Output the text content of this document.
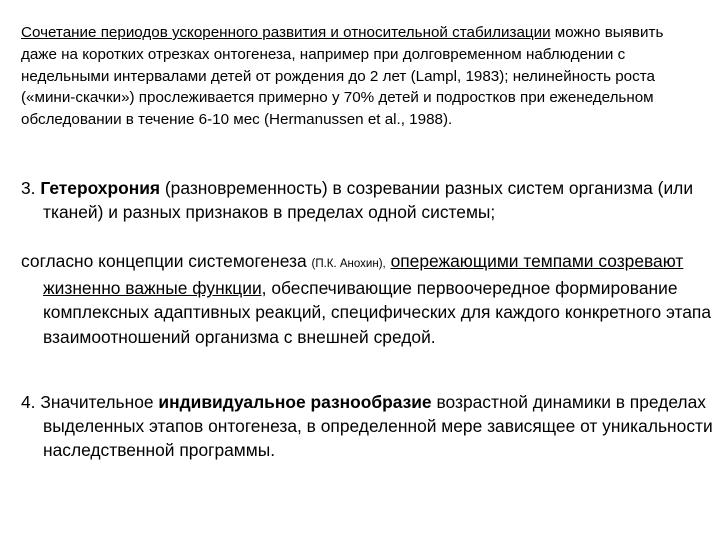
Сочетание периодов ускоренного развития и относительной стабилизации можно выявить даже на коротких отрезках онтогенеза, например при долговременном наблюдении с недельными интервалами детей от рождения до 2 лет (Lampl, 1983); нелинейность роста («мини-скачки») прослеживается примерно у 70% детей и подростков при еженедельном обследовании в течение 6-10 мес (Hermanussen et al., 1988).

3. Гетерохрония (разновременность) в созревании разных систем организма (или тканей) и разных признаков в пределах одной системы;

согласно концепции системогенеза (П.К. Анохин), опережающими темпами созревают жизненно важные функции, обеспечивающие первоочередное формирование комплексных адаптивных реакций, специфических для каждого конкретного этапа взаимоотношений организма с внешней средой.

4. Значительное индивидуальное разнообразие возрастной динамики в пределах выделенных этапов онтогенеза, в определенной мере зависящее от уникальности наследственной программы.
